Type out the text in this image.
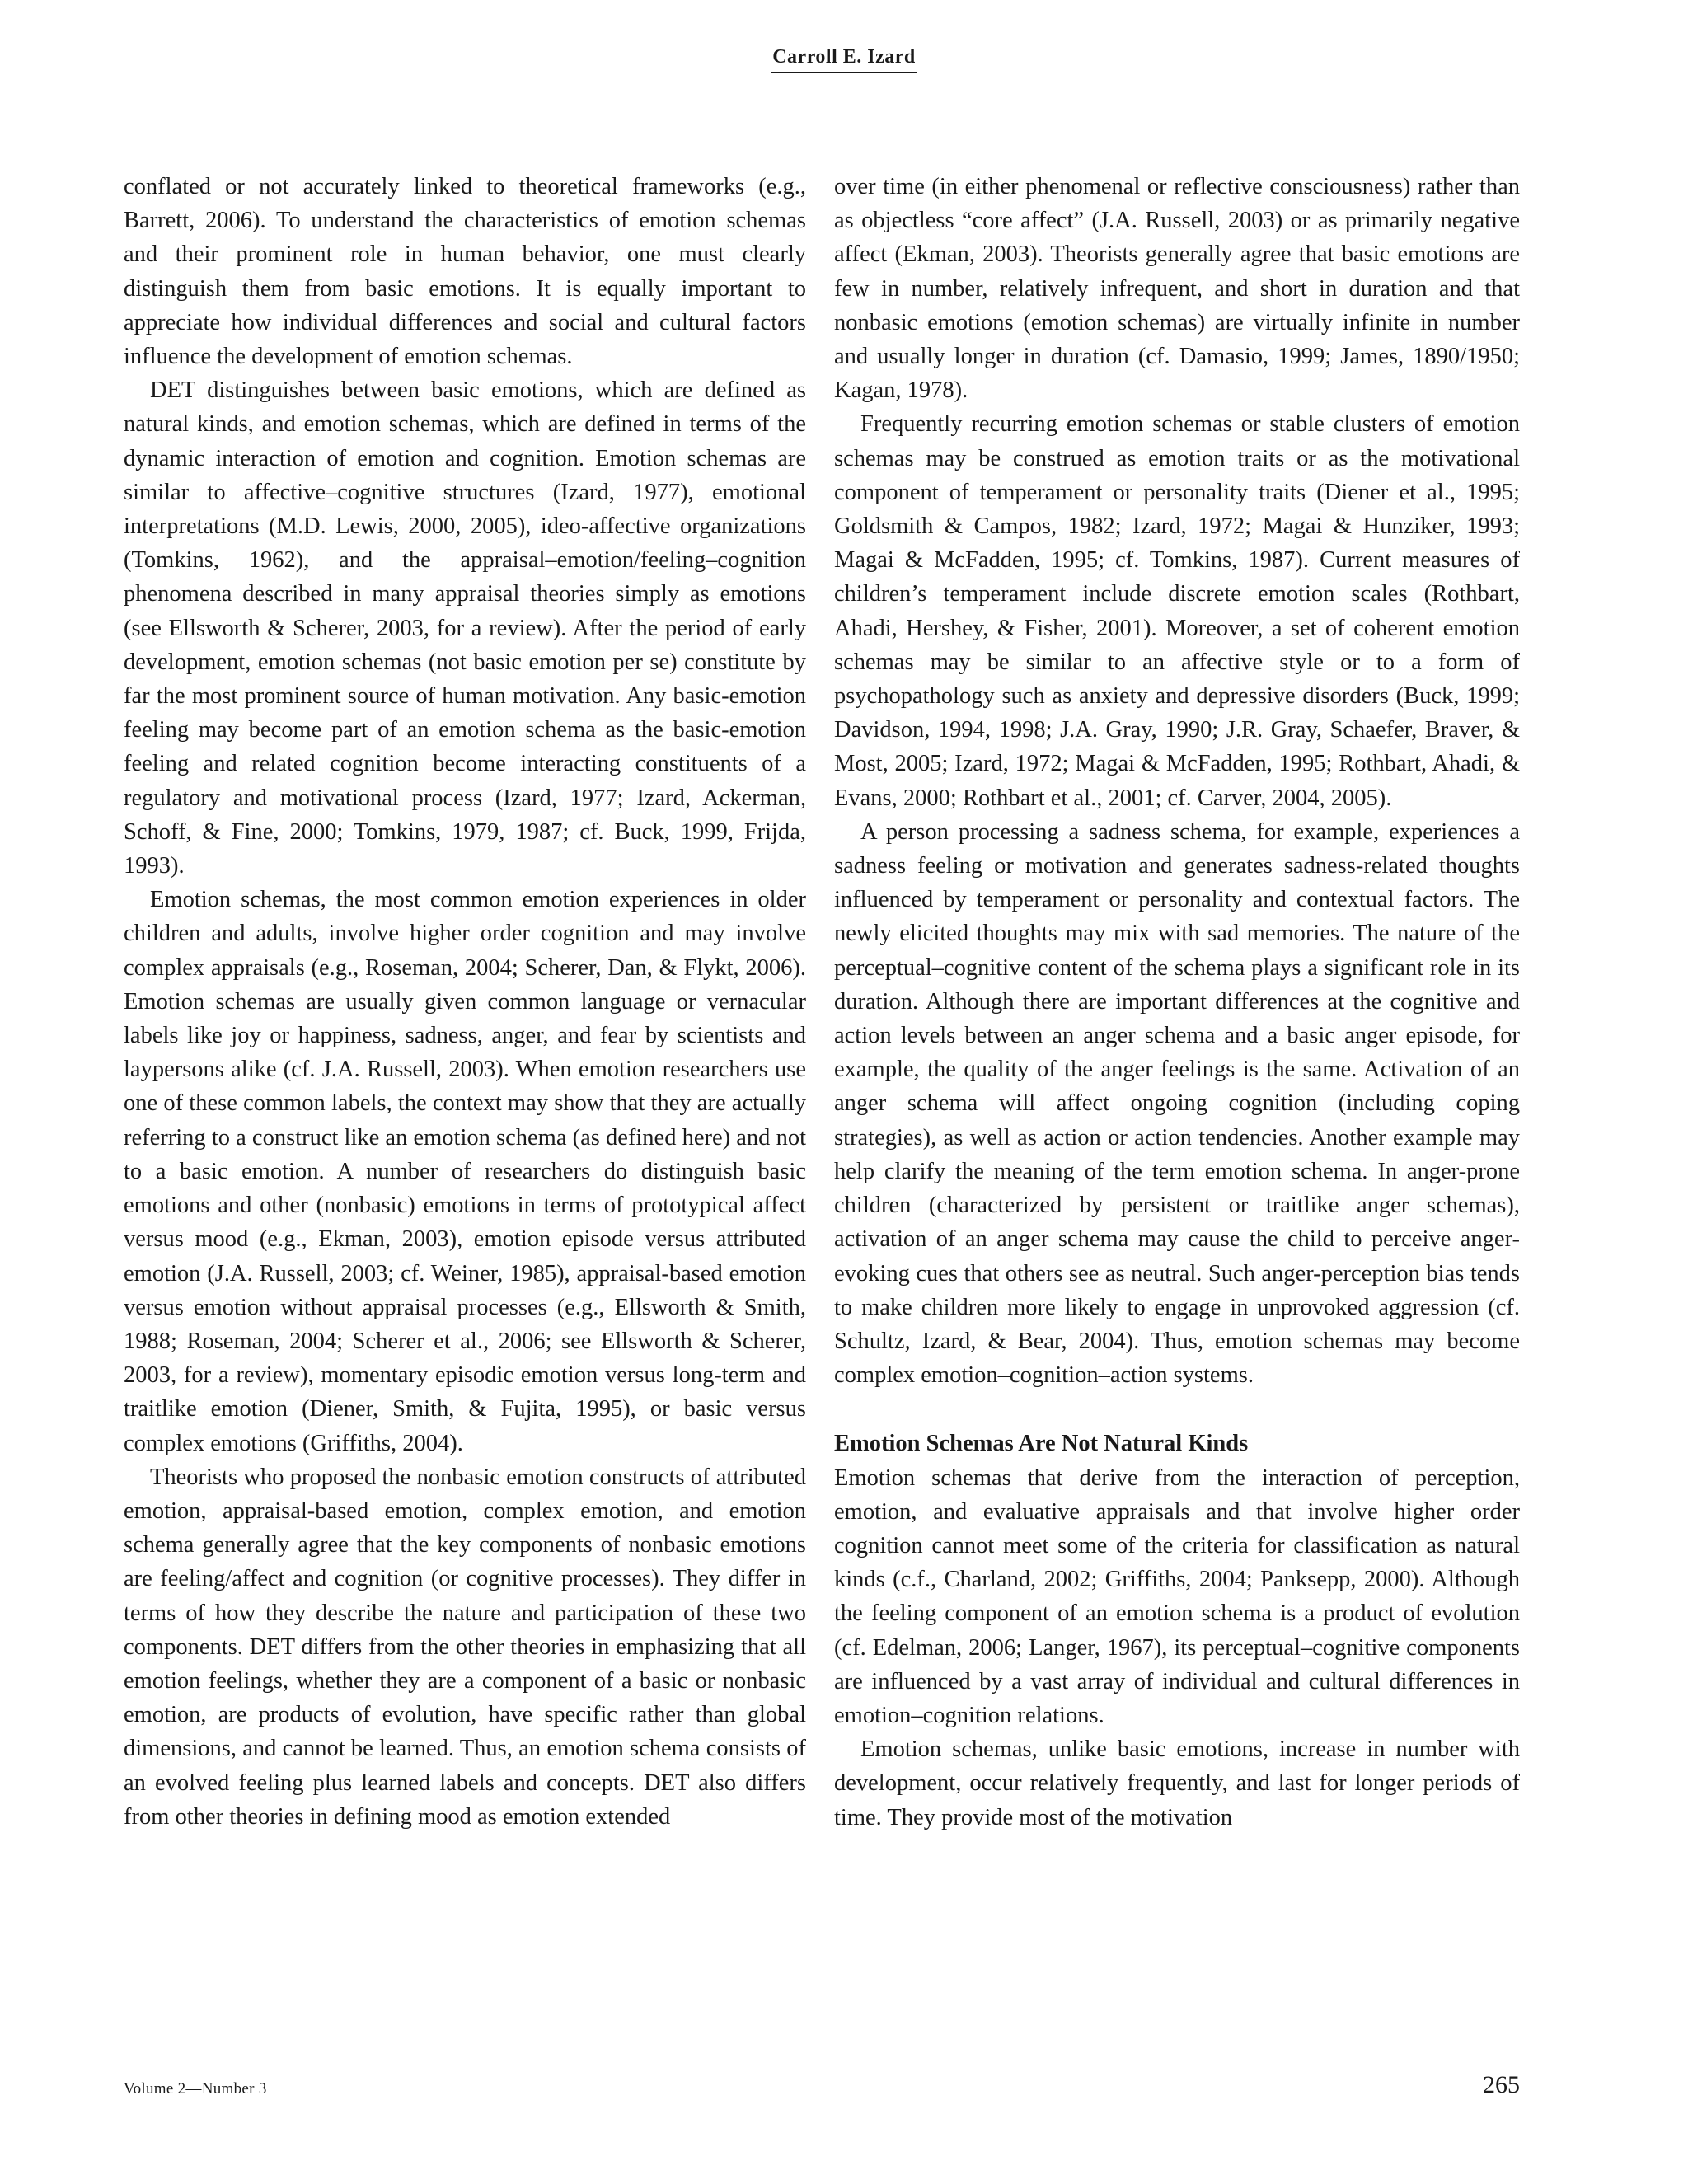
Carroll E. Izard

conflated or not accurately linked to theoretical frameworks (e.g., Barrett, 2006). To understand the characteristics of emotion schemas and their prominent role in human behavior, one must clearly distinguish them from basic emotions. It is equally important to appreciate how individual differences and social and cultural factors influence the development of emotion schemas.

DET distinguishes between basic emotions, which are defined as natural kinds, and emotion schemas, which are defined in terms of the dynamic interaction of emotion and cognition. Emotion schemas are similar to affective–cognitive structures (Izard, 1977), emotional interpretations (M.D. Lewis, 2000, 2005), ideo-affective organizations (Tomkins, 1962), and the appraisal–emotion/feeling–cognition phenomena described in many appraisal theories simply as emotions (see Ellsworth & Scherer, 2003, for a review). After the period of early development, emotion schemas (not basic emotion per se) constitute by far the most prominent source of human motivation. Any basic-emotion feeling may become part of an emotion schema as the basic-emotion feeling and related cognition become interacting constituents of a regulatory and motivational process (Izard, 1977; Izard, Ackerman, Schoff, & Fine, 2000; Tomkins, 1979, 1987; cf. Buck, 1999, Frijda, 1993).

Emotion schemas, the most common emotion experiences in older children and adults, involve higher order cognition and may involve complex appraisals (e.g., Roseman, 2004; Scherer, Dan, & Flykt, 2006). Emotion schemas are usually given common language or vernacular labels like joy or happiness, sadness, anger, and fear by scientists and laypersons alike (cf. J.A. Russell, 2003). When emotion researchers use one of these common labels, the context may show that they are actually referring to a construct like an emotion schema (as defined here) and not to a basic emotion. A number of researchers do distinguish basic emotions and other (nonbasic) emotions in terms of prototypical affect versus mood (e.g., Ekman, 2003), emotion episode versus attributed emotion (J.A. Russell, 2003; cf. Weiner, 1985), appraisal-based emotion versus emotion without appraisal processes (e.g., Ellsworth & Smith, 1988; Roseman, 2004; Scherer et al., 2006; see Ellsworth & Scherer, 2003, for a review), momentary episodic emotion versus long-term and traitlike emotion (Diener, Smith, & Fujita, 1995), or basic versus complex emotions (Griffiths, 2004).

Theorists who proposed the nonbasic emotion constructs of attributed emotion, appraisal-based emotion, complex emotion, and emotion schema generally agree that the key components of nonbasic emotions are feeling/affect and cognition (or cognitive processes). They differ in terms of how they describe the nature and participation of these two components. DET differs from the other theories in emphasizing that all emotion feelings, whether they are a component of a basic or nonbasic emotion, are products of evolution, have specific rather than global dimensions, and cannot be learned. Thus, an emotion schema consists of an evolved feeling plus learned labels and concepts. DET also differs from other theories in defining mood as emotion extended

over time (in either phenomenal or reflective consciousness) rather than as objectless “core affect” (J.A. Russell, 2003) or as primarily negative affect (Ekman, 2003). Theorists generally agree that basic emotions are few in number, relatively infrequent, and short in duration and that nonbasic emotions (emotion schemas) are virtually infinite in number and usually longer in duration (cf. Damasio, 1999; James, 1890/1950; Kagan, 1978).

Frequently recurring emotion schemas or stable clusters of emotion schemas may be construed as emotion traits or as the motivational component of temperament or personality traits (Diener et al., 1995; Goldsmith & Campos, 1982; Izard, 1972; Magai & Hunziker, 1993; Magai & McFadden, 1995; cf. Tomkins, 1987). Current measures of children’s temperament include discrete emotion scales (Rothbart, Ahadi, Hershey, & Fisher, 2001). Moreover, a set of coherent emotion schemas may be similar to an affective style or to a form of psychopathology such as anxiety and depressive disorders (Buck, 1999; Davidson, 1994, 1998; J.A. Gray, 1990; J.R. Gray, Schaefer, Braver, & Most, 2005; Izard, 1972; Magai & McFadden, 1995; Rothbart, Ahadi, & Evans, 2000; Rothbart et al., 2001; cf. Carver, 2004, 2005).

A person processing a sadness schema, for example, experiences a sadness feeling or motivation and generates sadness-related thoughts influenced by temperament or personality and contextual factors. The newly elicited thoughts may mix with sad memories. The nature of the perceptual–cognitive content of the schema plays a significant role in its duration. Although there are important differences at the cognitive and action levels between an anger schema and a basic anger episode, for example, the quality of the anger feelings is the same. Activation of an anger schema will affect ongoing cognition (including coping strategies), as well as action or action tendencies. Another example may help clarify the meaning of the term emotion schema. In anger-prone children (characterized by persistent or traitlike anger schemas), activation of an anger schema may cause the child to perceive anger-evoking cues that others see as neutral. Such anger-perception bias tends to make children more likely to engage in unprovoked aggression (cf. Schultz, Izard, & Bear, 2004). Thus, emotion schemas may become complex emotion–cognition–action systems.

Emotion Schemas Are Not Natural Kinds

Emotion schemas that derive from the interaction of perception, emotion, and evaluative appraisals and that involve higher order cognition cannot meet some of the criteria for classification as natural kinds (c.f., Charland, 2002; Griffiths, 2004; Panksepp, 2000). Although the feeling component of an emotion schema is a product of evolution (cf. Edelman, 2006; Langer, 1967), its perceptual–cognitive components are influenced by a vast array of individual and cultural differences in emotion–cognition relations.

Emotion schemas, unlike basic emotions, increase in number with development, occur relatively frequently, and last for longer periods of time. They provide most of the motivation

Volume 2—Number 3	265
